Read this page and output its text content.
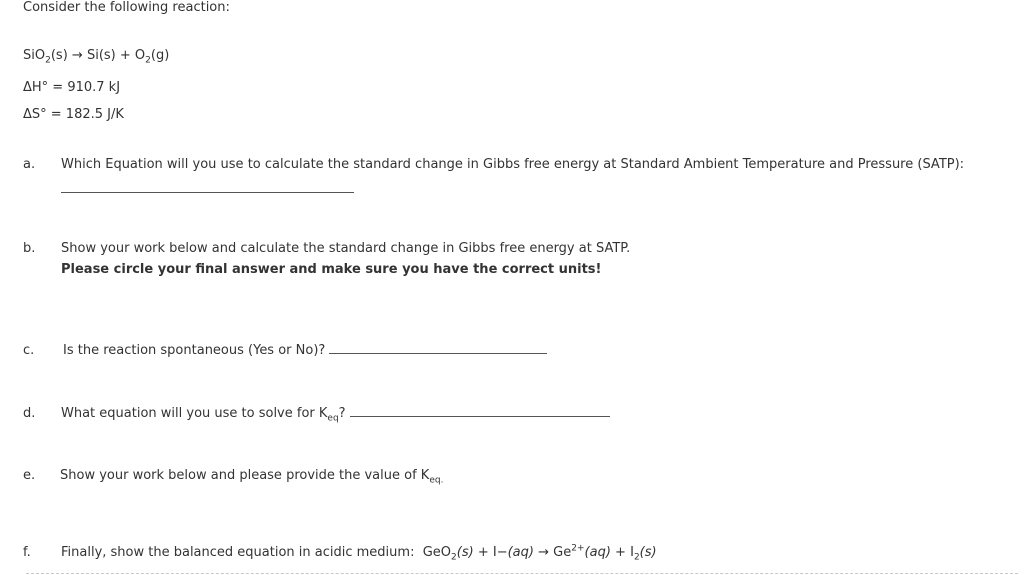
Consider the following reaction:
$SiO_2(s) \to Si(s) + O_2(g)$
ΔH° = 910.7 kJ
ΔS° = 182.5 J/K
a. Which Equation will you use to calculate the standard change in Gibbs free energy at Standard Ambient Temperature and Pressure (SATP):
b. Show your work below and calculate the standard change in Gibbs free energy at SATP.
Please circle your final answer and make sure you have the correct units!
c. Is the reaction spontaneous (Yes or No)?
d. What equation will you use to solve for $K_{eq}$?
e. Show your work below and please provide the value of $K_{eq.}$
f. Finally, show the balanced equation in acidic medium: $GeO_2(s) + I-(aq) \to Ge^{2+}(aq) + I_2(s)$
